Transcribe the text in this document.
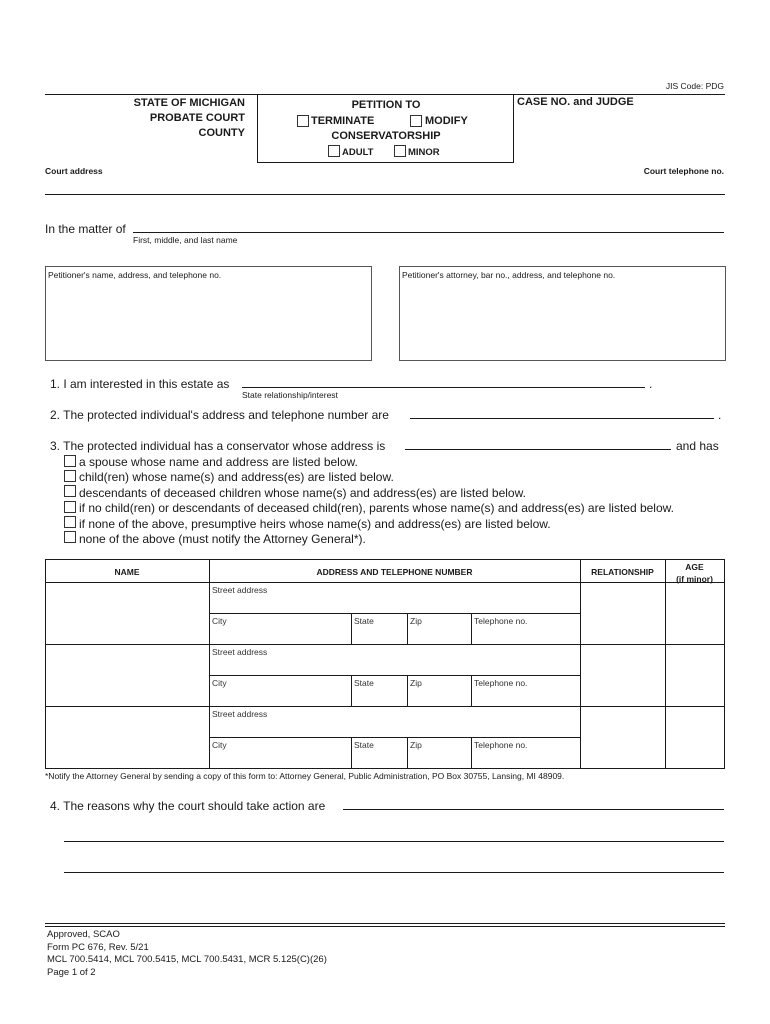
JIS Code: PDG
STATE OF MICHIGAN
PROBATE COURT
COUNTY
PETITION TO
TERMINATE	MODIFY
CONSERVATORSHIP
ADULT	MINOR
CASE NO. and JUDGE
Court address	Court telephone no.
In the matter of
First, middle, and last name
Petitioner's name, address, and telephone no.	Petitioner's attorney, bar no., address, and telephone no.
1. I am interested in this estate as	.
State relationship/interest
2. The protected individual's address and telephone number are	.
3. The protected individual has a conservator whose address is	and has
a spouse whose name and address are listed below.
child(ren) whose name(s) and address(es) are listed below.
descendants of deceased children whose name(s) and address(es) are listed below.
if no child(ren) or descendants of deceased child(ren), parents whose name(s) and address(es) are listed below.
if none of the above, presumptive heirs whose name(s) and address(es) are listed below.
none of the above (must notify the Attorney General*).
NAME	ADDRESS AND TELEPHONE NUMBER	RELATIONSHIP	AGE
(if minor)
Street address
City	State	Zip	Telephone no.
Street address
City	State	Zip	Telephone no.
Street address
City	State	Zip	Telephone no.
*Notify the Attorney General by sending a copy of this form to: Attorney General, Public Administration, PO Box 30755, Lansing, MI 48909.
4. The reasons why the court should take action are
Approved, SCAO
Form PC 676, Rev. 5/21
MCL 700.5414, MCL 700.5415, MCL 700.5431, MCR 5.125(C)(26)
Page 1 of 2
